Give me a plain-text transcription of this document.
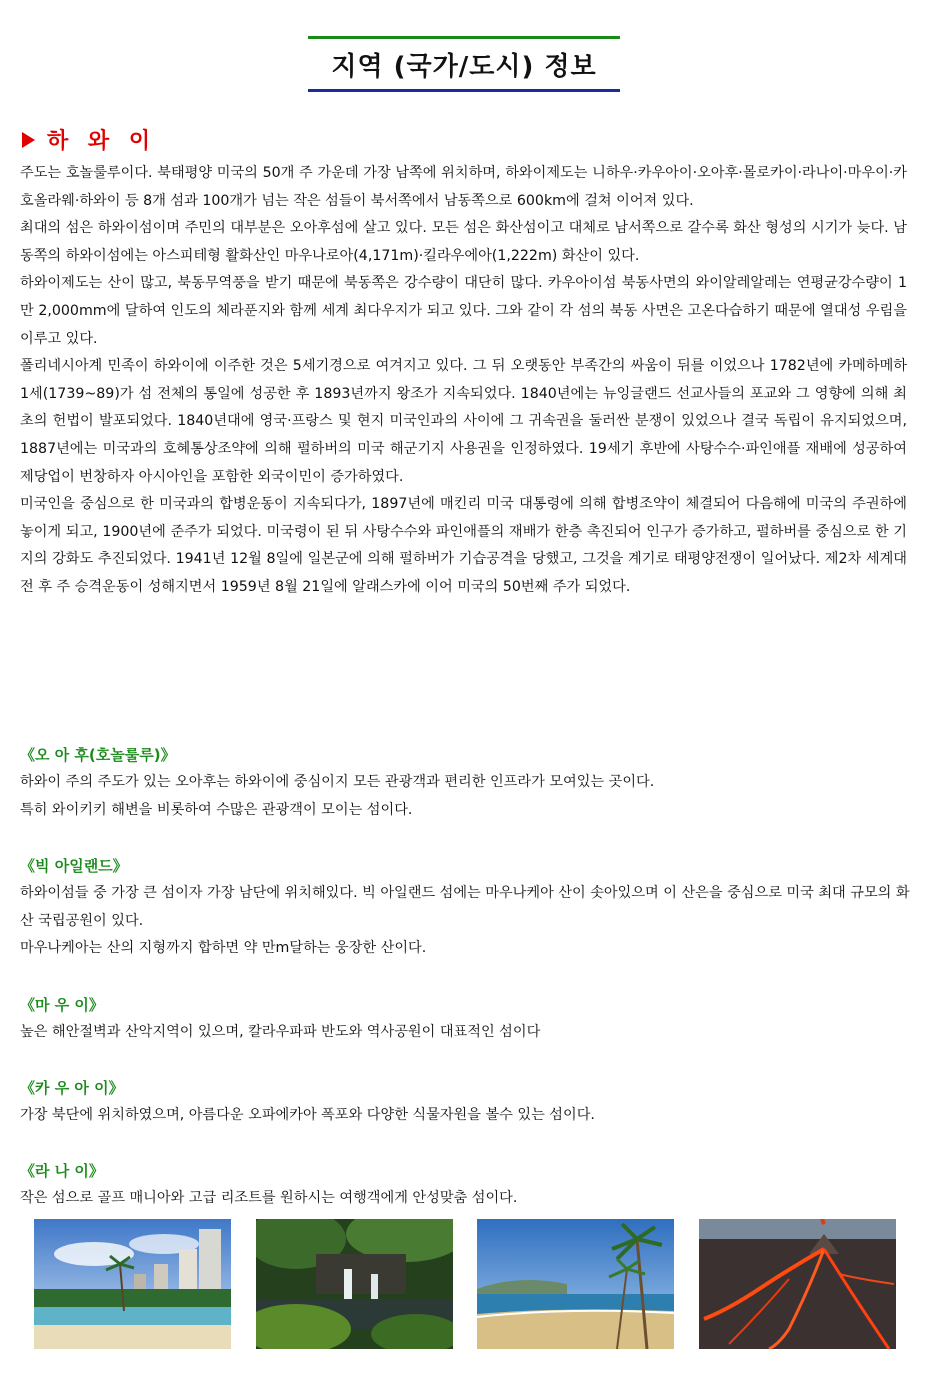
지역 (국가/도시) 정보
하 와 이

주도는 호놀룰루이다. 북태평양 미국의 50개 주 가운데 가장 남쪽에 위치하며, 하와이제도는 니하우·카우아이·오아후·몰로카이·라나이·마우이·카호올라웨·하와이 등 8개 섬과 100개가 넘는 작은 섬들이 북서쪽에서 남동쪽으로 600km에 걸쳐 이어져 있다.

최대의 섬은 하와이섬이며 주민의 대부분은 오아후섬에 살고 있다. 모든 섬은 화산섬이고 대체로 남서쪽으로 갈수록 화산 형성의 시기가 늦다. 남동쪽의 하와이섬에는 아스피테형 활화산인 마우나로아(4,171m)·킬라우에아(1,222m) 화산이 있다.

하와이제도는 산이 많고, 북동무역풍을 받기 때문에 북동쪽은 강수량이 대단히 많다. 카우아이섬 북동사면의 와이알레알레는 연평균강수량이 1만 2,000mm에 달하여 인도의 체라푼지와 함께 세계 최다우지가 되고 있다. 그와 같이 각 섬의 북동 사면은 고온다습하기 때문에 열대성 우림을 이루고 있다.

폴리네시아계 민족이 하와이에 이주한 것은 5세기경으로 여겨지고 있다. 그 뒤 오랫동안 부족간의 싸움이 뒤를 이었으나 1782년에 카메하메하 1세(1739~89)가 섬 전체의 통일에 성공한 후 1893년까지 왕조가 지속되었다. 1840년에는 뉴잉글랜드 선교사들의 포교와 그 영향에 의해 최초의 헌법이 발포되었다. 1840년대에 영국·프랑스 및 현지 미국인과의 사이에 그 귀속권을 둘러싼 분쟁이 있었으나 결국 독립이 유지되었으며, 1887년에는 미국과의 호혜통상조약에 의해 펄하버의 미국 해군기지 사용권을 인정하였다. 19세기 후반에 사탕수수·파인애플 재배에 성공하여 제당업이 번창하자 아시아인을 포함한 외국이민이 증가하였다.

미국인을 중심으로 한 미국과의 합병운동이 지속되다가, 1897년에 매킨리 미국 대통령에 의해 합병조약이 체결되어 다음해에 미국의 주권하에 놓이게 되고, 1900년에 준주가 되었다. 미국령이 된 뒤 사탕수수와 파인애플의 재배가 한층 촉진되어 인구가 증가하고, 펄하버를 중심으로 한 기지의 강화도 추진되었다. 1941년 12월 8일에 일본군에 의해 펄하버가 기습공격을 당했고, 그것을 계기로 태평양전쟁이 일어났다. 제2차 세계대전 후 주 승격운동이 성해지면서 1959년 8월 21일에 알래스카에 이어 미국의 50번째 주가 되었다.

《오 아 후(호놀룰루)》

하와이 주의 주도가 있는 오아후는 하와이에 중심이지 모든 관광객과 편리한 인프라가 모여있는 곳이다.

특히 와이키키 해변을 비롯하여 수많은 관광객이 모이는 섬이다.

《빅 아일랜드》

하와이섬들 중 가장 큰 섬이자 가장 남단에 위치해있다. 빅 아일랜드 섬에는 마우나케아 산이 솟아있으며 이 산은을 중심으로 미국 최대 규모의 화산 국립공원이 있다.

마우나케아는 산의 지형까지 합하면 약 만m달하는 웅장한 산이다.

《마 우 이》

높은 해안절벽과 산악지역이 있으며, 칼라우파파 반도와 역사공원이 대표적인 섬이다

《카 우 아 이》

가장 북단에 위치하였으며, 아름다운 오파에카아 폭포와 다양한 식물자원을 볼수 있는 섬이다.

《라 나 이》

작은 섬으로 골프 매니아와 고급 리조트를 원하시는 여행객에게 안성맞춤 섬이다.
